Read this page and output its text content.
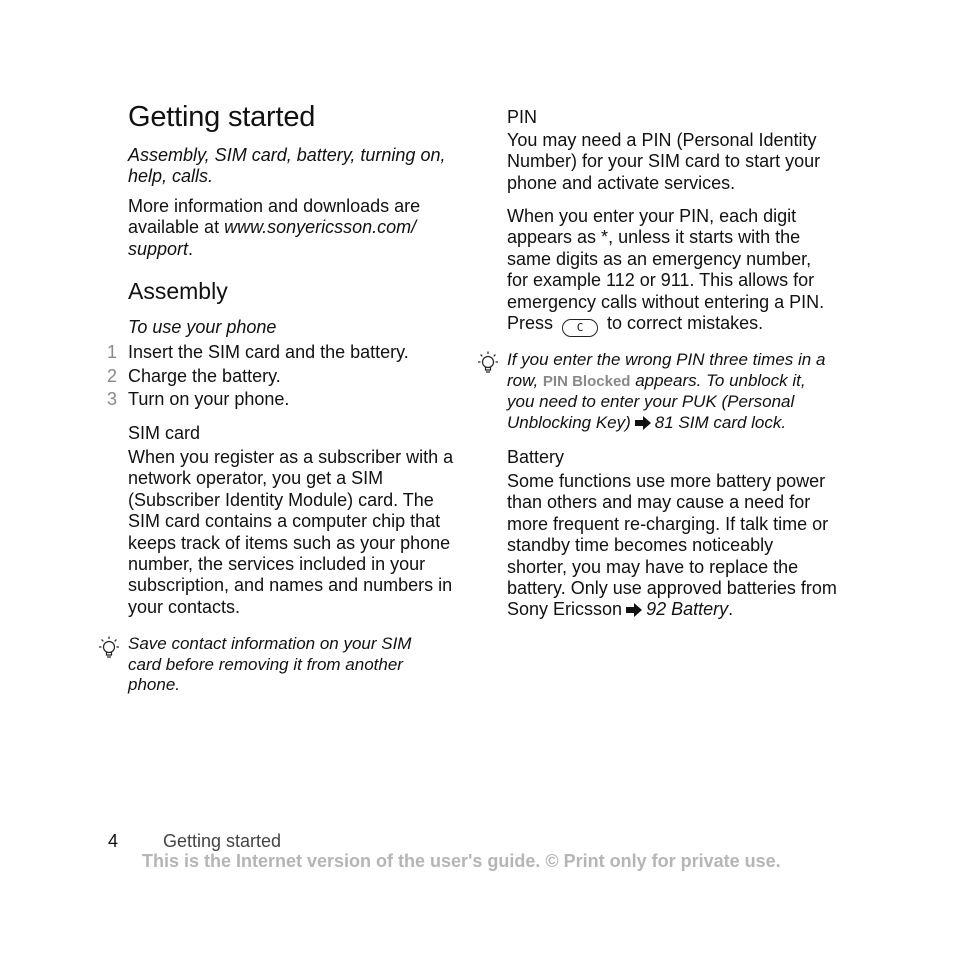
Getting started

Assembly, SIM card, battery, turning on, help, calls.

More information and downloads are available at www.sonyericsson.com/ support.

Assembly

To use your phone

1 Insert the SIM card and the battery.
2 Charge the battery.
3 Turn on your phone.

SIM card

When you register as a subscriber with a network operator, you get a SIM (Subscriber Identity Module) card. The SIM card contains a computer chip that keeps track of items such as your phone number, the services included in your subscription, and names and numbers in your contacts.

Save contact information on your SIM card before removing it from another phone.

PIN

You may need a PIN (Personal Identity Number) for your SIM card to start your phone and activate services.

When you enter your PIN, each digit appears as *, unless it starts with the same digits as an emergency number, for example 112 or 911. This allows for emergency calls without entering a PIN. Press C to correct mistakes.

If you enter the wrong PIN three times in a row, PIN Blocked appears. To unblock it, you need to enter your PUK (Personal Unblocking Key) 81 SIM card lock.

Battery

Some functions use more battery power than others and may cause a need for more frequent re-charging. If talk time or standby time becomes noticeably shorter, you may have to replace the battery. Only use approved batteries from Sony Ericsson 92 Battery.

4 Getting started
This is the Internet version of the user's guide. © Print only for private use.
